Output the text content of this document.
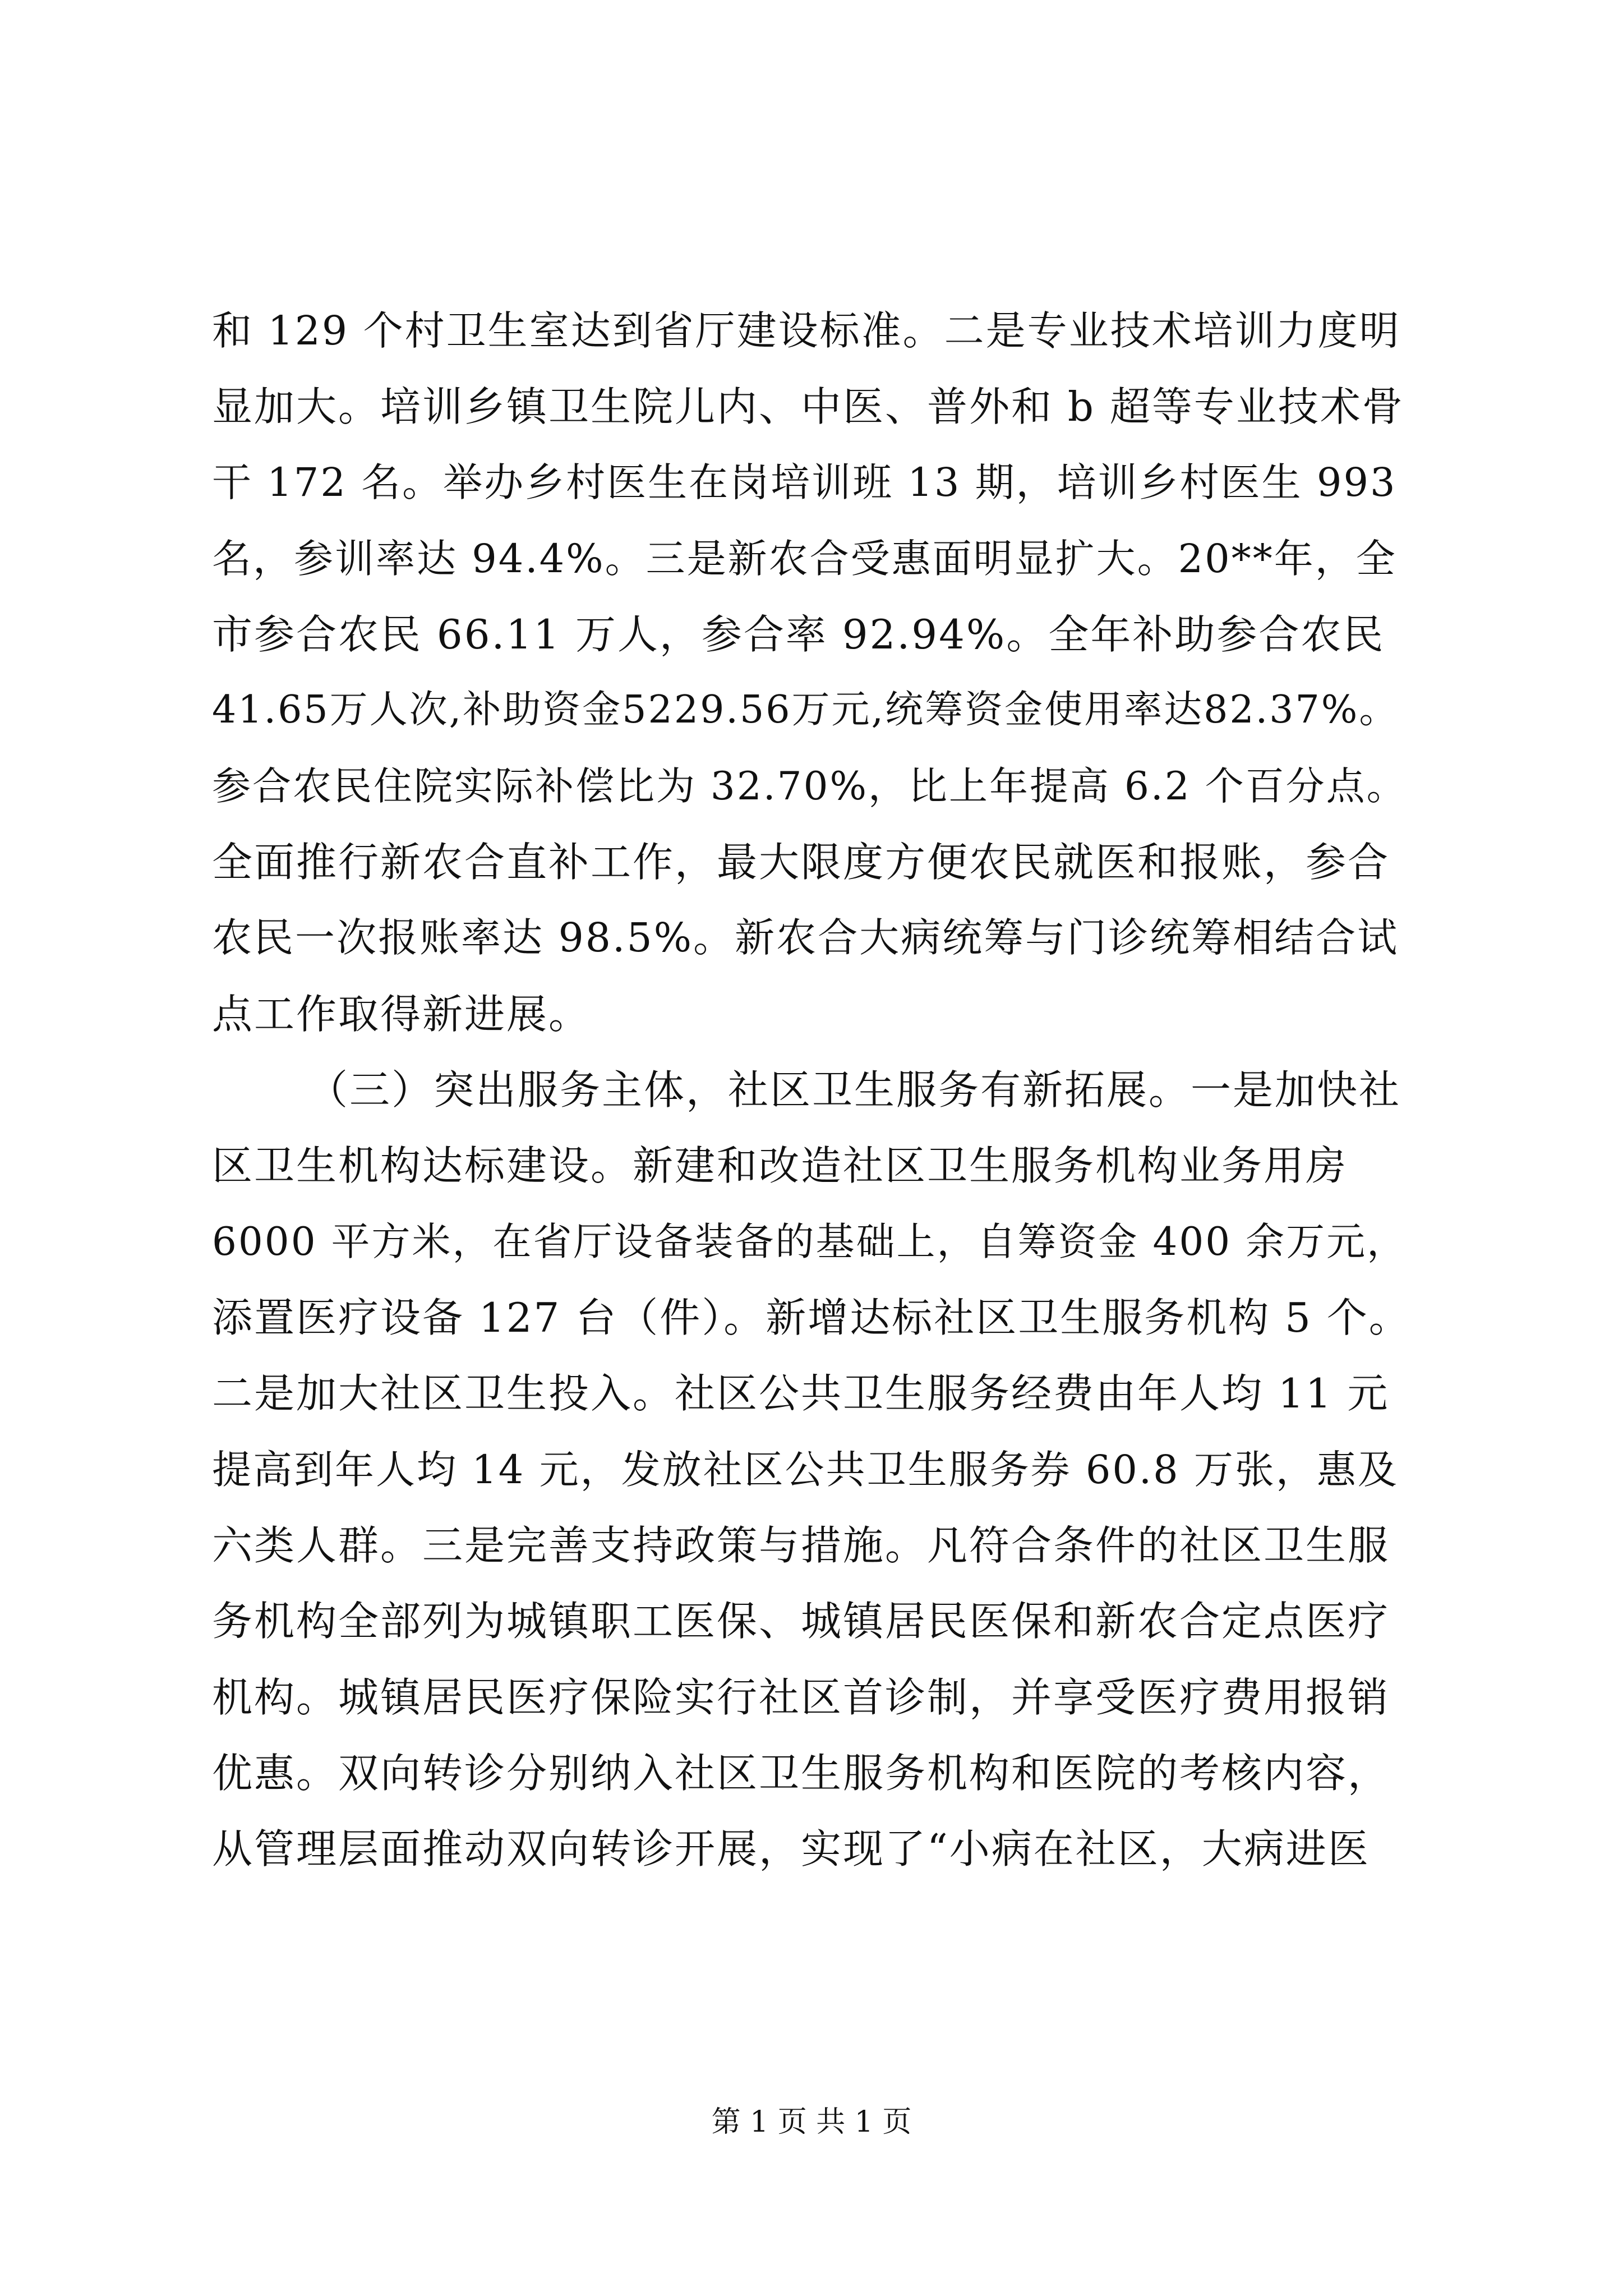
和 129 个村卫生室达到省厅建设标准。二是专业技术培训力度明
显加大。培训乡镇卫生院儿内、中医、普外和 b 超等专业技术骨
干 172 名。举办乡村医生在岗培训班 13 期，培训乡村医生 993
名，参训率达 94.4%。三是新农合受惠面明显扩大。20**年，全
市参合农民 66.11 万人，参合率 92.94%。全年补助参合农民
41.65万人次,补助资金5229.56万元,统筹资金使用率达82.37%。
参合农民住院实际补偿比为 32.70%，比上年提高 6.2 个百分点。
全面推行新农合直补工作，最大限度方便农民就医和报账，参合
农民一次报账率达 98.5%。新农合大病统筹与门诊统筹相结合试
点工作取得新进展。
（三）突出服务主体，社区卫生服务有新拓展。一是加快社
区卫生机构达标建设。新建和改造社区卫生服务机构业务用房
6000 平方米，在省厅设备装备的基础上，自筹资金 400 余万元，
添置医疗设备 127 台（件）。新增达标社区卫生服务机构 5 个。
二是加大社区卫生投入。社区公共卫生服务经费由年人均 11 元
提高到年人均 14 元，发放社区公共卫生服务券 60.8 万张，惠及
六类人群。三是完善支持政策与措施。凡符合条件的社区卫生服
务机构全部列为城镇职工医保、城镇居民医保和新农合定点医疗
机构。城镇居民医疗保险实行社区首诊制，并享受医疗费用报销
优惠。双向转诊分别纳入社区卫生服务机构和医院的考核内容，
从管理层面推动双向转诊开展，实现了“小病在社区，大病进医
第 1 页 共 1 页
